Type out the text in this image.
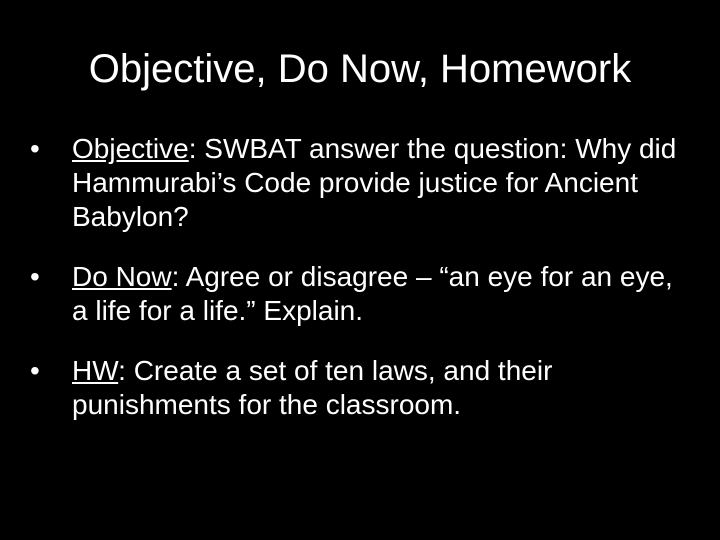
Objective, Do Now, Homework
•	Objective: SWBAT answer the question: Why did Hammurabi’s Code provide justice for Ancient Babylon?
•	Do Now: Agree or disagree – “an eye for an eye, a life for a life.” Explain.
•	HW: Create a set of ten laws, and their punishments for the classroom.
